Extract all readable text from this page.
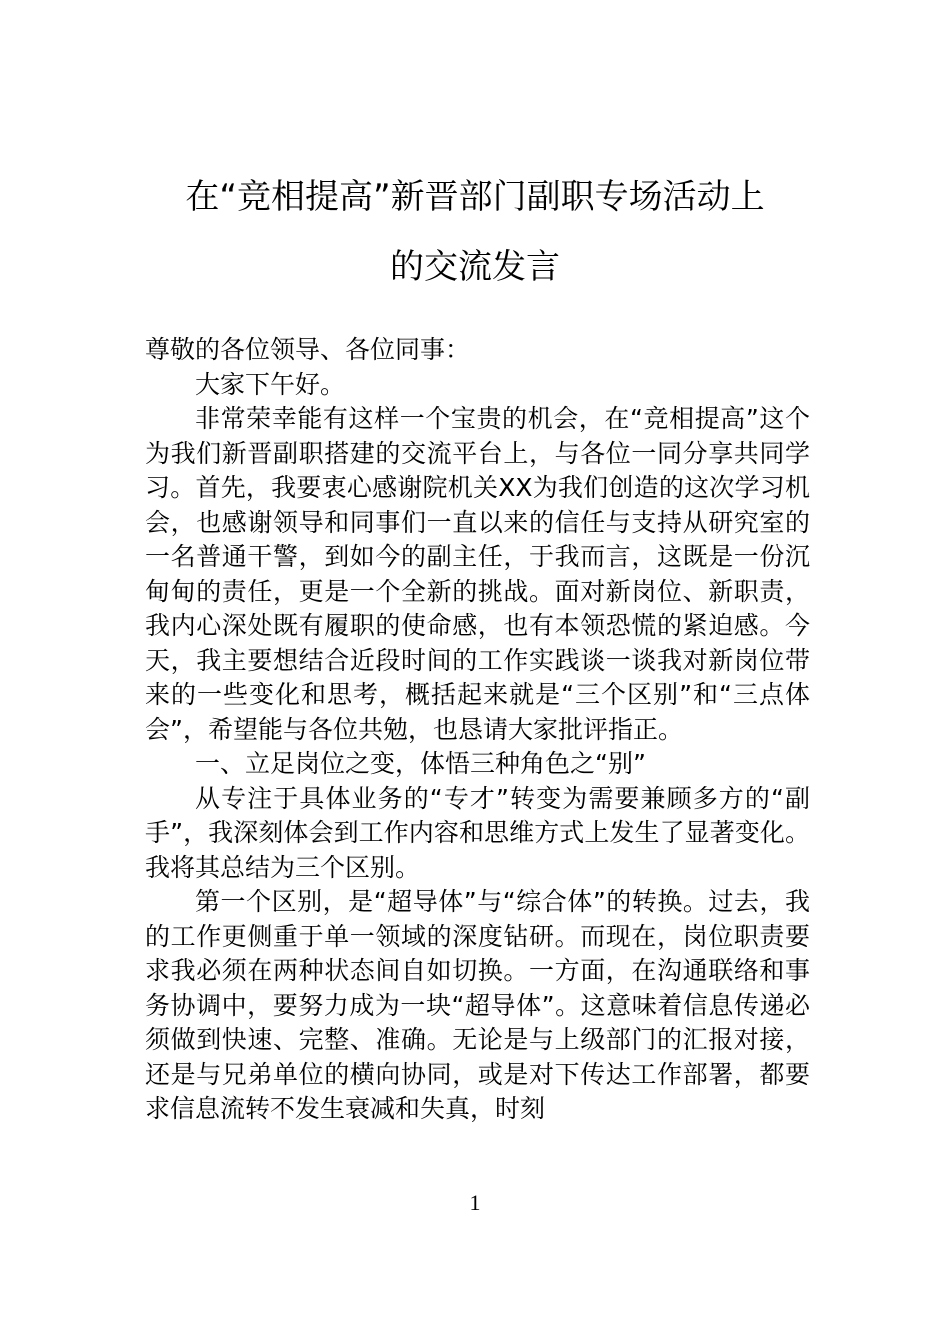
在“竞相提高”新晋部门副职专场活动上
的交流发言

尊敬的各位领导、各位同事：

大家下午好。

非常荣幸能有这样一个宝贵的机会，在“竞相提高”这个为我们新晋副职搭建的交流平台上，与各位一同分享共同学习。首先，我要衷心感谢院机关XX为我们创造的这次学习机会，也感谢领导和同事们一直以来的信任与支持从研究室的一名普通干警，到如今的副主任，于我而言，这既是一份沉甸甸的责任，更是一个全新的挑战。面对新岗位、新职责，我内心深处既有履职的使命感，也有本领恐慌的紧迫感。今天，我主要想结合近段时间的工作实践谈一谈我对新岗位带来的一些变化和思考，概括起来就是“三个区别”和“三点体会”，希望能与各位共勉，也恳请大家批评指正。

一、立足岗位之变，体悟三种角色之“别”

从专注于具体业务的“专才”转变为需要兼顾多方的“副手”，我深刻体会到工作内容和思维方式上发生了显著变化。我将其总结为三个区别。

第一个区别，是“超导体”与“综合体”的转换。过去，我的工作更侧重于单一领域的深度钻研。而现在，岗位职责要求我必须在两种状态间自如切换。一方面，在沟通联络和事务协调中，要努力成为一块“超导体”。这意味着信息传递必须做到快速、完整、准确。无论是与上级部门的汇报对接，还是与兄弟单位的横向协同，或是对下传达工作部署，都要求信息流转不发生衰减和失真，时刻

1
